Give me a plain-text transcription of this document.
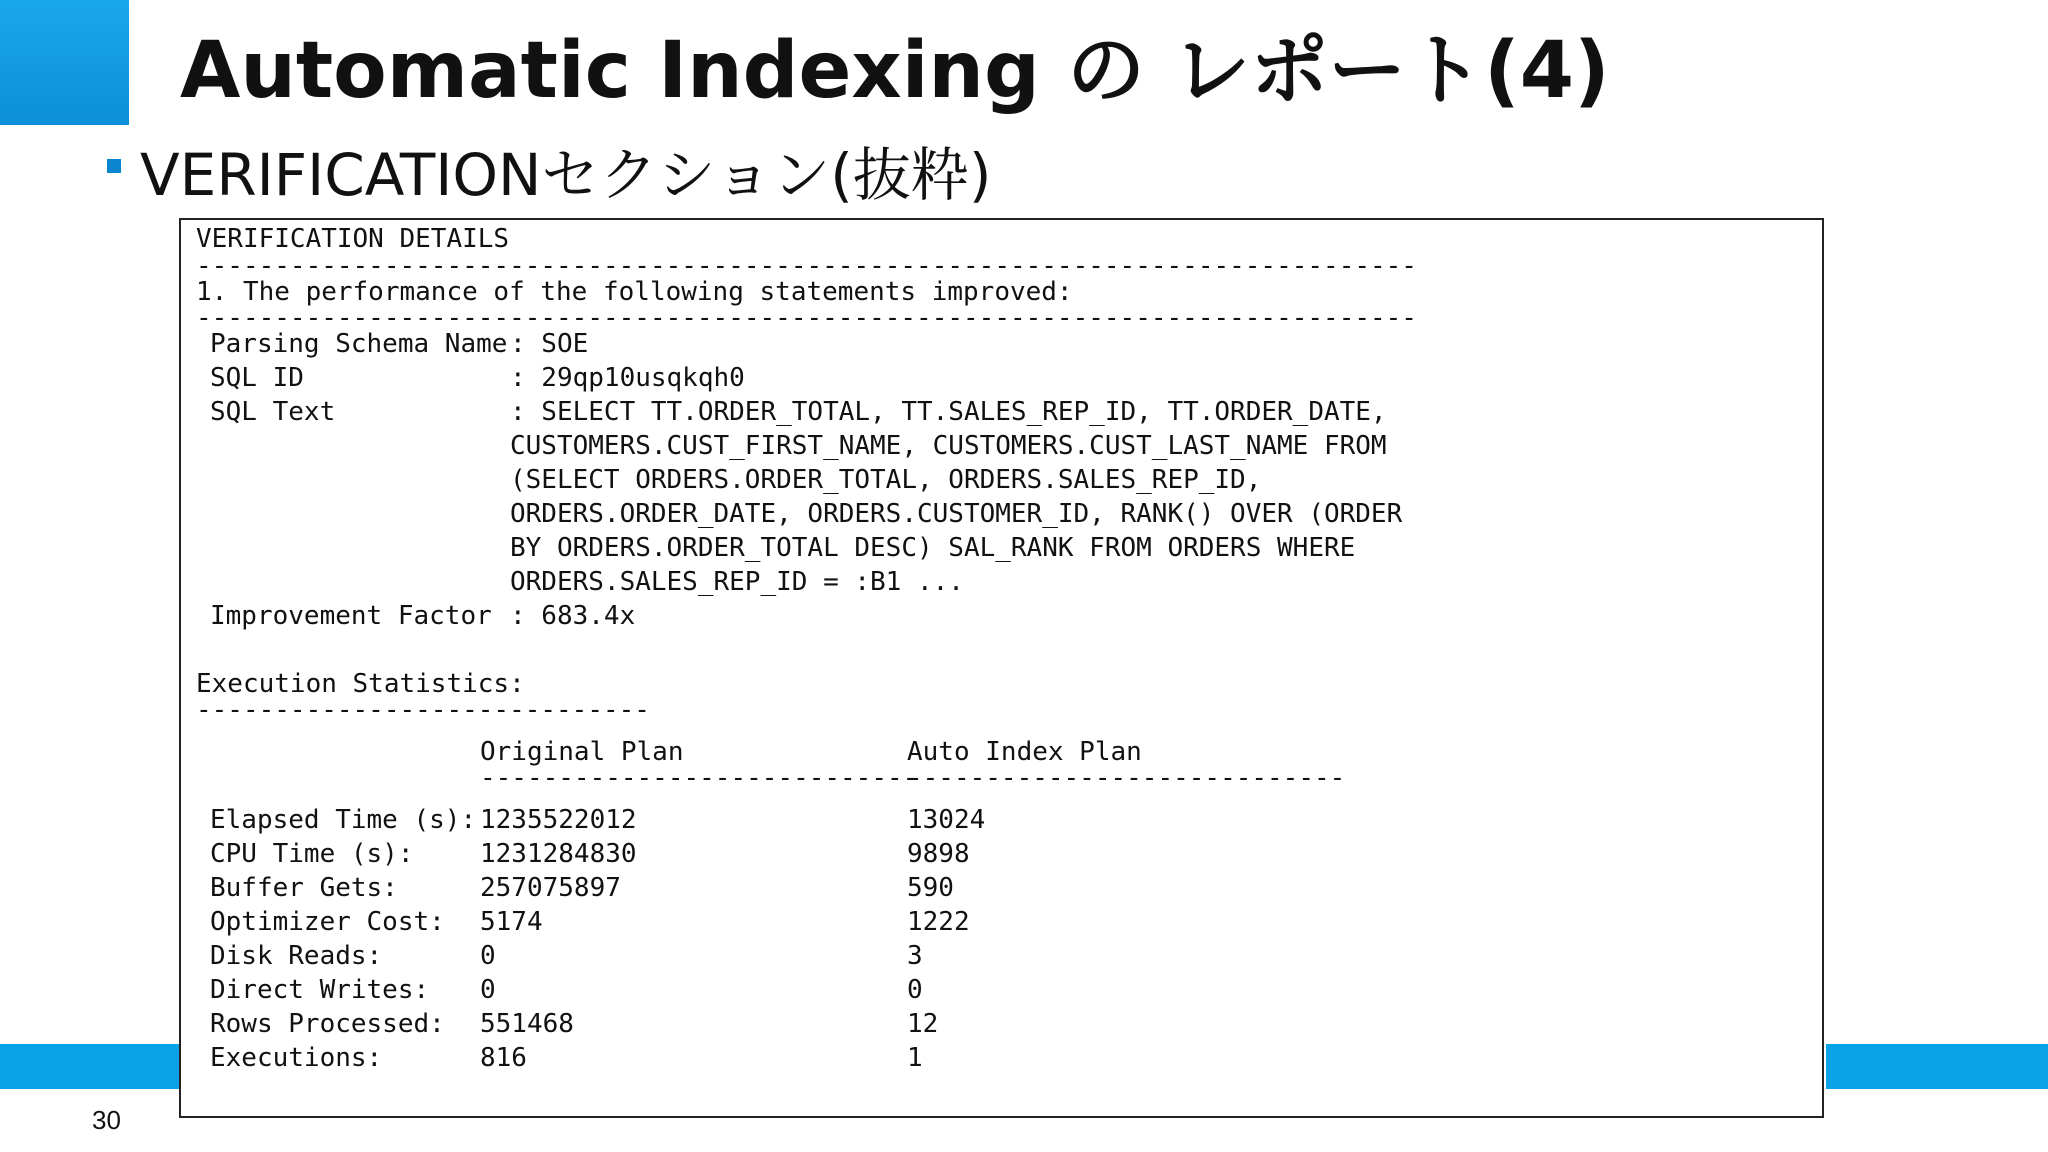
Automatic Indexing の レポート(4)
VERIFICATIONセクション(抜粋)
VERIFICATION DETAILS
------------------------------------------------------------------------------
1. The performance of the following statements improved:
------------------------------------------------------------------------------
Parsing Schema Name : SOE
SQL ID	: 29qp10usqkqh0
SQL Text	: SELECT TT.ORDER_TOTAL, TT.SALES_REP_ID, TT.ORDER_DATE,
CUSTOMERS.CUST_FIRST_NAME, CUSTOMERS.CUST_LAST_NAME FROM
(SELECT ORDERS.ORDER_TOTAL, ORDERS.SALES_REP_ID,
ORDERS.ORDER_DATE, ORDERS.CUSTOMER_ID, RANK() OVER (ORDER
BY ORDERS.ORDER_TOTAL DESC) SAL_RANK FROM ORDERS WHERE
ORDERS.SALES_REP_ID = :B1 ...
Improvement Factor : 683.4x
Execution Statistics:
-----------------------------
Original Plan	Auto Index Plan
----------------------------
----------------------------
Elapsed Time (s): 1235522012	13024
CPU Time (s):	1231284830	9898
Buffer Gets:	257075897	590
Optimizer Cost: 5174	1222
Disk Reads:	0	3
Direct Writes: 0	0
Rows Processed: 551468	12
Executions:	816	1
30
